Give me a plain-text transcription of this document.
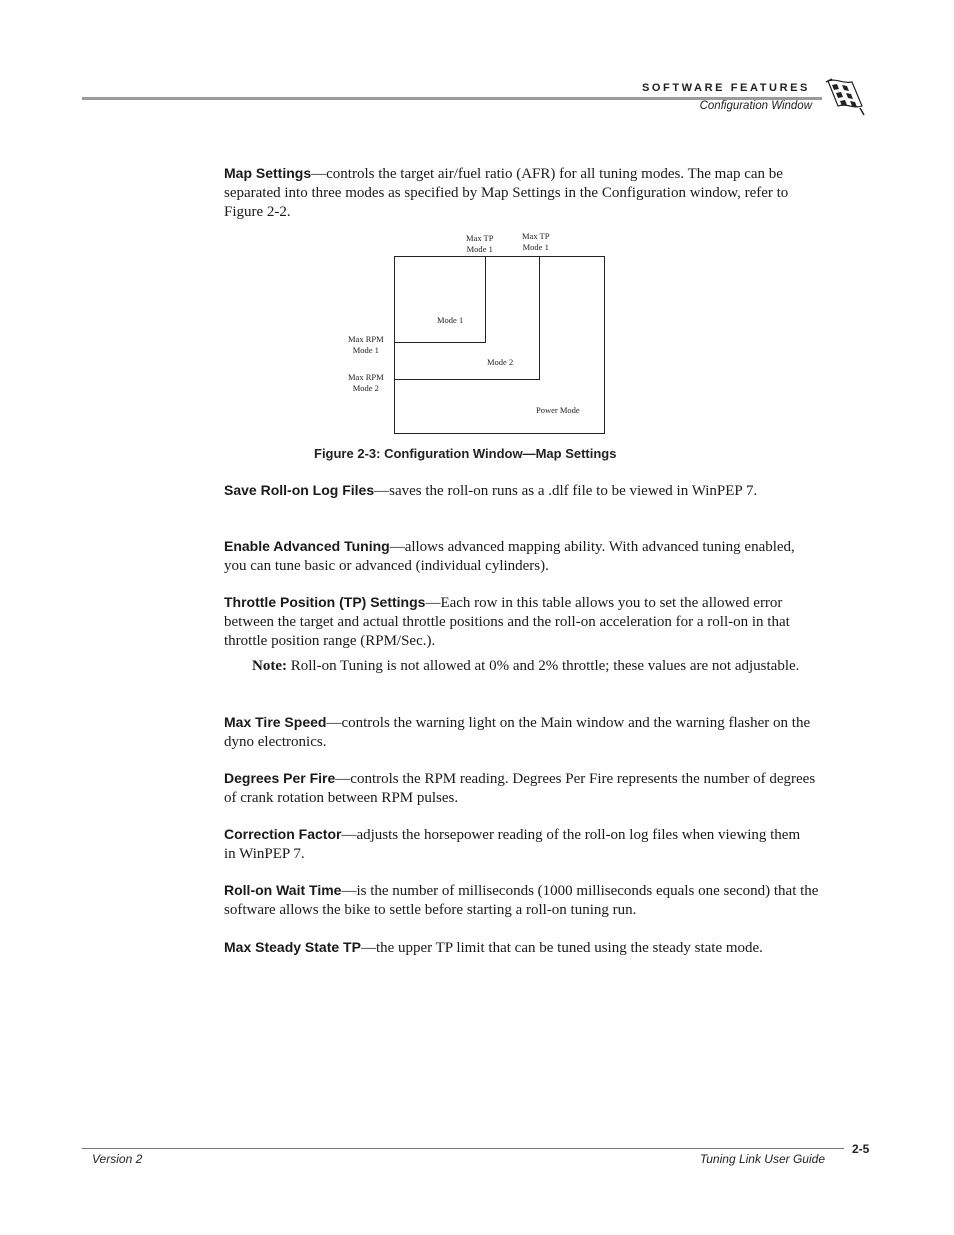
SOFTWARE FEATURES
Configuration Window

Map Settings—controls the target air/fuel ratio (AFR) for all tuning modes. The map can be separated into three modes as specified by Map Settings in the Configuration window, refer to Figure 2-2.

Save Roll-on Log Files—saves the roll-on runs as a .dlf file to be viewed in WinPEP 7.

Enable Advanced Tuning—allows advanced mapping ability. With advanced tuning enabled, you can tune basic or advanced (individual cylinders).

Throttle Position (TP) Settings—Each row in this table allows you to set the allowed error between the target and actual throttle positions and the roll-on acceleration for a roll-on in that throttle position range (RPM/Sec.).

Note: Roll-on Tuning is not allowed at 0% and 2% throttle; these values are not adjustable.

Max Tire Speed—controls the warning light on the Main window and the warning flasher on the dyno electronics.

Degrees Per Fire—controls the RPM reading. Degrees Per Fire represents the number of degrees of crank rotation between RPM pulses.

Correction Factor—adjusts the horsepower reading of the roll-on log files when viewing them in WinPEP 7.

Roll-on Wait Time—is the number of milliseconds (1000 milliseconds equals one second) that the software allows the bike to settle before starting a roll-on tuning run.

Max Steady State TP—the upper TP limit that can be tuned using the steady state mode.

Max TP
Mode 1
Max TP
Mode 1
Max RPM
Mode 1
Max RPM
Mode 2
Mode 1
Mode 2
Power Mode
Figure 2-3: Configuration Window—Map Settings
2-5
Version 2	Tuning Link User Guide
